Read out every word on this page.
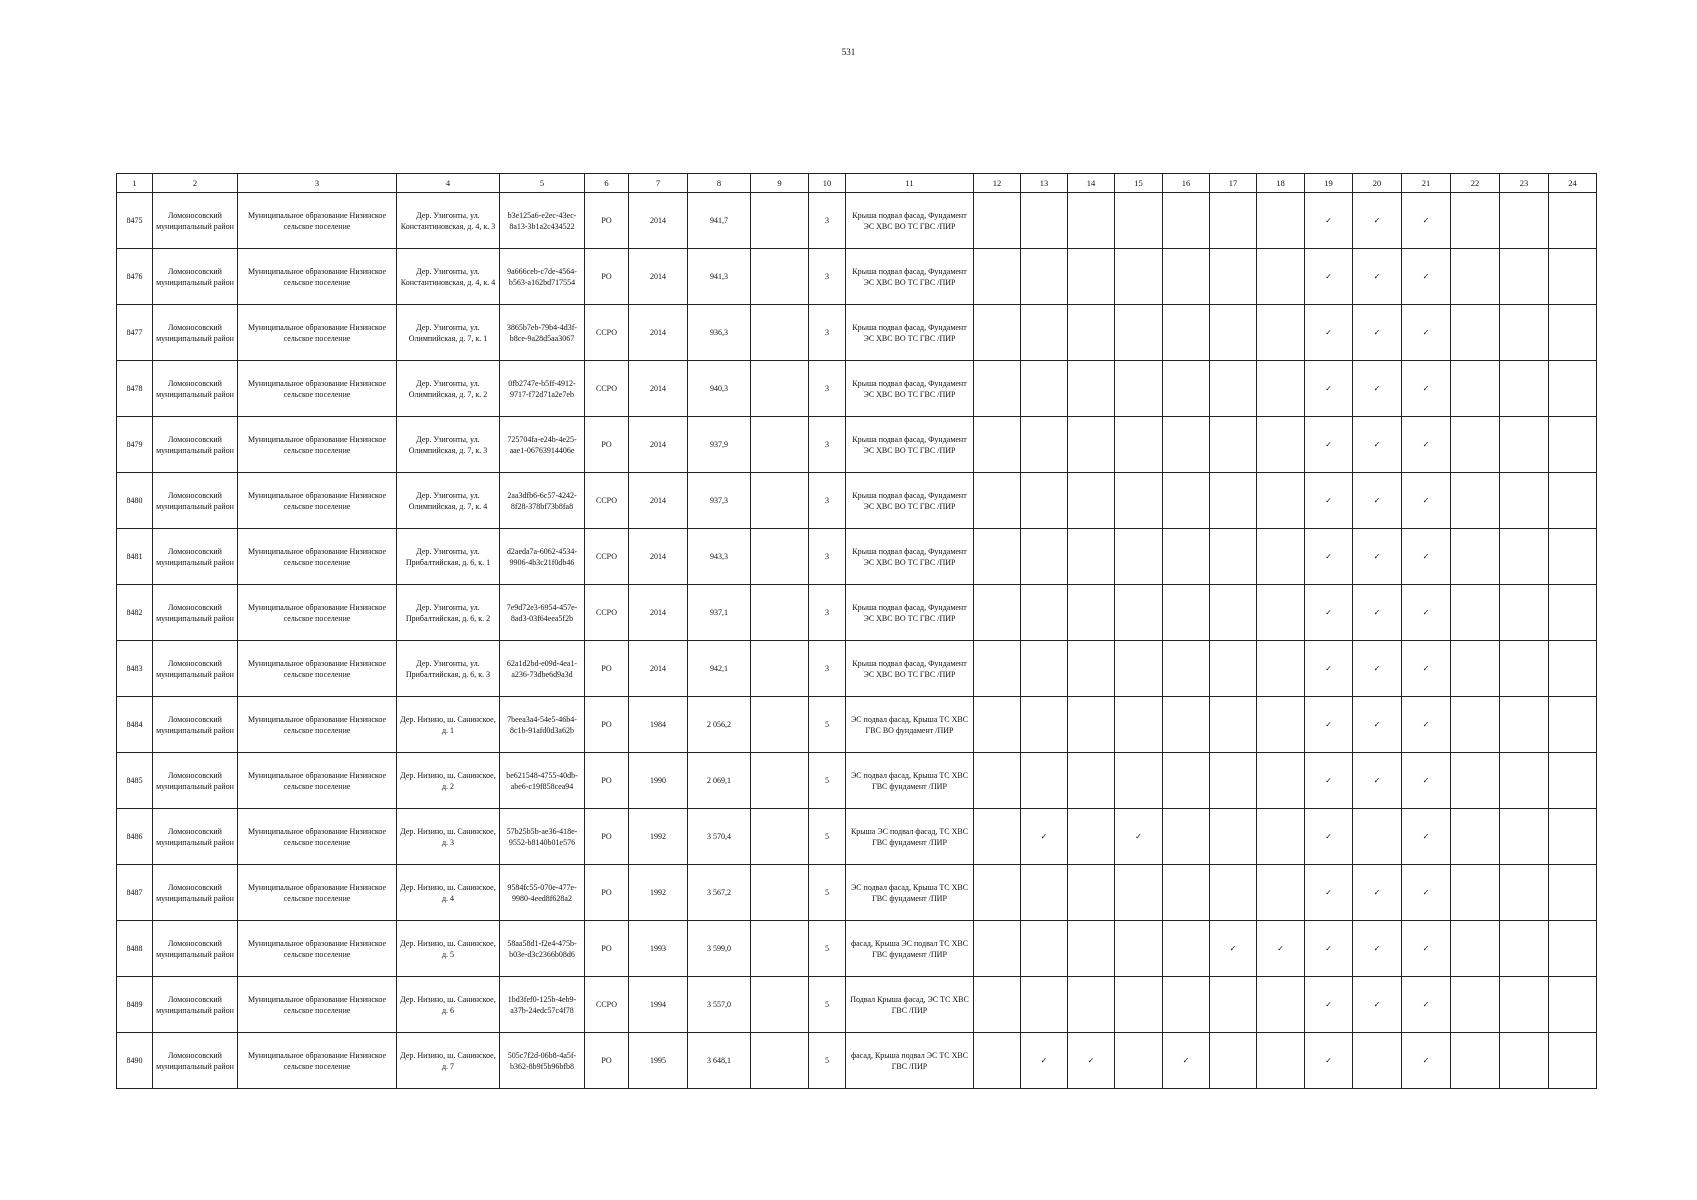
531
1	2	3	4	5	6	7	8	9	10	11	12	13	14	15	16	17	18	19	20	21	22	23	24
8475	Ломоносовский муниципальный район	Муниципальное образование Низинское сельское поселение	Дер. Узигонты, ул. Константиновская, д. 4, к. 3	b3e125a6-e2ec-43ec-8a13-3b1a2c434522	РО	2014	941,7		3	Крыша подвал фасад, Фундамент ЭС ХВС ВО ТС ГВС /ПИР								✓	✓	✓			
8476	Ломоносовский муниципальный район	Муниципальное образование Низинское сельское поселение	Дер. Узигонты, ул. Константиновская, д. 4, к. 4	9a666ceb-c7de-4564-b563-a162bd717554	РО	2014	941,3		3	Крыша подвал фасад, Фундамент ЭС ХВС ВО ТС ГВС /ПИР								✓	✓	✓			
8477	Ломоносовский муниципальный район	Муниципальное образование Низинское сельское поселение	Дер. Узигонты, ул. Олимпийская, д. 7, к. 1	3865b7eb-79b4-4d3f-b8ce-9a28d5aa3067	ССРО	2014	936,3		3	Крыша подвал фасад, Фундамент ЭС ХВС ВО ТС ГВС /ПИР								✓	✓	✓			
8478	Ломоносовский муниципальный район	Муниципальное образование Низинское сельское поселение	Дер. Узигонты, ул. Олимпийская, д. 7, к. 2	0fb2747e-b5ff-4912-9717-f72d71a2e7eb	ССРО	2014	940,3		3	Крыша подвал фасад, Фундамент ЭС ХВС ВО ТС ГВС /ПИР								✓	✓	✓			
8479	Ломоносовский муниципальный район	Муниципальное образование Низинское сельское поселение	Дер. Узигонты, ул. Олимпийская, д. 7, к. 3	725704fa-e24b-4e25-aae1-06763914406e	РО	2014	937,9		3	Крыша подвал фасад, Фундамент ЭС ХВС ВО ТС ГВС /ПИР								✓	✓	✓			
8480	Ломоносовский муниципальный район	Муниципальное образование Низинское сельское поселение	Дер. Узигонты, ул. Олимпийская, д. 7, к. 4	2aa3dfb6-6c57-4242-8f28-378bf73b8fa8	ССРО	2014	937,3		3	Крыша подвал фасад, Фундамент ЭС ХВС ВО ТС ГВС /ПИР								✓	✓	✓			
8481	Ломоносовский муниципальный район	Муниципальное образование Низинское сельское поселение	Дер. Узигонты, ул. Прибалтийская, д. 6, к. 1	d2aeda7a-6062-4534-9906-4b3c21f0db46	ССРО	2014	943,3		3	Крыша подвал фасад, Фундамент ЭС ХВС ВО ТС ГВС /ПИР								✓	✓	✓			
8482	Ломоносовский муниципальный район	Муниципальное образование Низинское сельское поселение	Дер. Узигонты, ул. Прибалтийская, д. 6, к. 2	7e9d72e3-6954-457e-8ad3-03f64eea5f2b	ССРО	2014	937,1		3	Крыша подвал фасад, Фундамент ЭС ХВС ВО ТС ГВС /ПИР								✓	✓	✓			
8483	Ломоносовский муниципальный район	Муниципальное образование Низинское сельское поселение	Дер. Узигонты, ул. Прибалтийская, д. 6, к. 3	62a1d2bd-e09d-4ea1-a236-73dbe6d9a3d	РО	2014	942,1		3	Крыша подвал фасад, Фундамент ЭС ХВС ВО ТС ГВС /ПИР								✓	✓	✓			
8484	Ломоносовский муниципальный район	Муниципальное образование Низинское сельское поселение	Дер. Низино, ш. Санинское, д. 1	7beea3a4-54e5-46b4-8c1b-91afd0d3a62b	РО	1984	2 056,2		5	ЭС подвал фасад, Крыша ТС ХВС ГВС ВО фундамент /ПИР								✓	✓	✓			
8485	Ломоносовский муниципальный район	Муниципальное образование Низинское сельское поселение	Дер. Низино, ш. Санинское, д. 2	be621548-4755-40db-abe6-c19f858cea94	РО	1990	2 069,1		5	ЭС подвал фасад, Крыша ТС ХВС ГВС фундамент /ПИР								✓	✓	✓			
8486	Ломоносовский муниципальный район	Муниципальное образование Низинское сельское поселение	Дер. Низино, ш. Санинское, д. 3	57b25b5b-ae36-418e-9552-b8140b01e576	РО	1992	3 570,4		5	Крыша ЭС подвал фасад, ТС ХВС ГВС фундамент /ПИР		✓		✓				✓		✓			
8487	Ломоносовский муниципальный район	Муниципальное образование Низинское сельское поселение	Дер. Низино, ш. Санинское, д. 4	9584fc55-070e-477e-9980-4eed8f628a2	РО	1992	3 567,2		5	ЭС подвал фасад, Крыша ТС ХВС ГВС фундамент /ПИР								✓	✓	✓			
8488	Ломоносовский муниципальный район	Муниципальное образование Низинское сельское поселение	Дер. Низино, ш. Санинское, д. 5	58aa58d1-f2e4-475b-b03e-d3c2366b08d6	РО	1993	3 599,0		5	фасад, Крыша ЭС подвал ТС ХВС ГВС фундамент /ПИР						✓	✓	✓	✓	✓			
8489	Ломоносовский муниципальный район	Муниципальное образование Низинское сельское поселение	Дер. Низино, ш. Санинское, д. 6	1bd3fef0-125b-4eb9-a37b-24edc57c4f78	ССРО	1994	3 557,0		5	Подвал Крыша фасад, ЭС ТС ХВС ГВС /ПИР								✓	✓	✓			
8490	Ломоносовский муниципальный район	Муниципальное образование Низинское сельское поселение	Дер. Низино, ш. Санинское, д. 7	505c7f2d-06b8-4a5f-b362-8b9f5b96bfb8	РО	1995	3 648,1		5	фасад, Крыша подвал ЭС ТС ХВС ГВС /ПИР		✓	✓		✓			✓		✓			
